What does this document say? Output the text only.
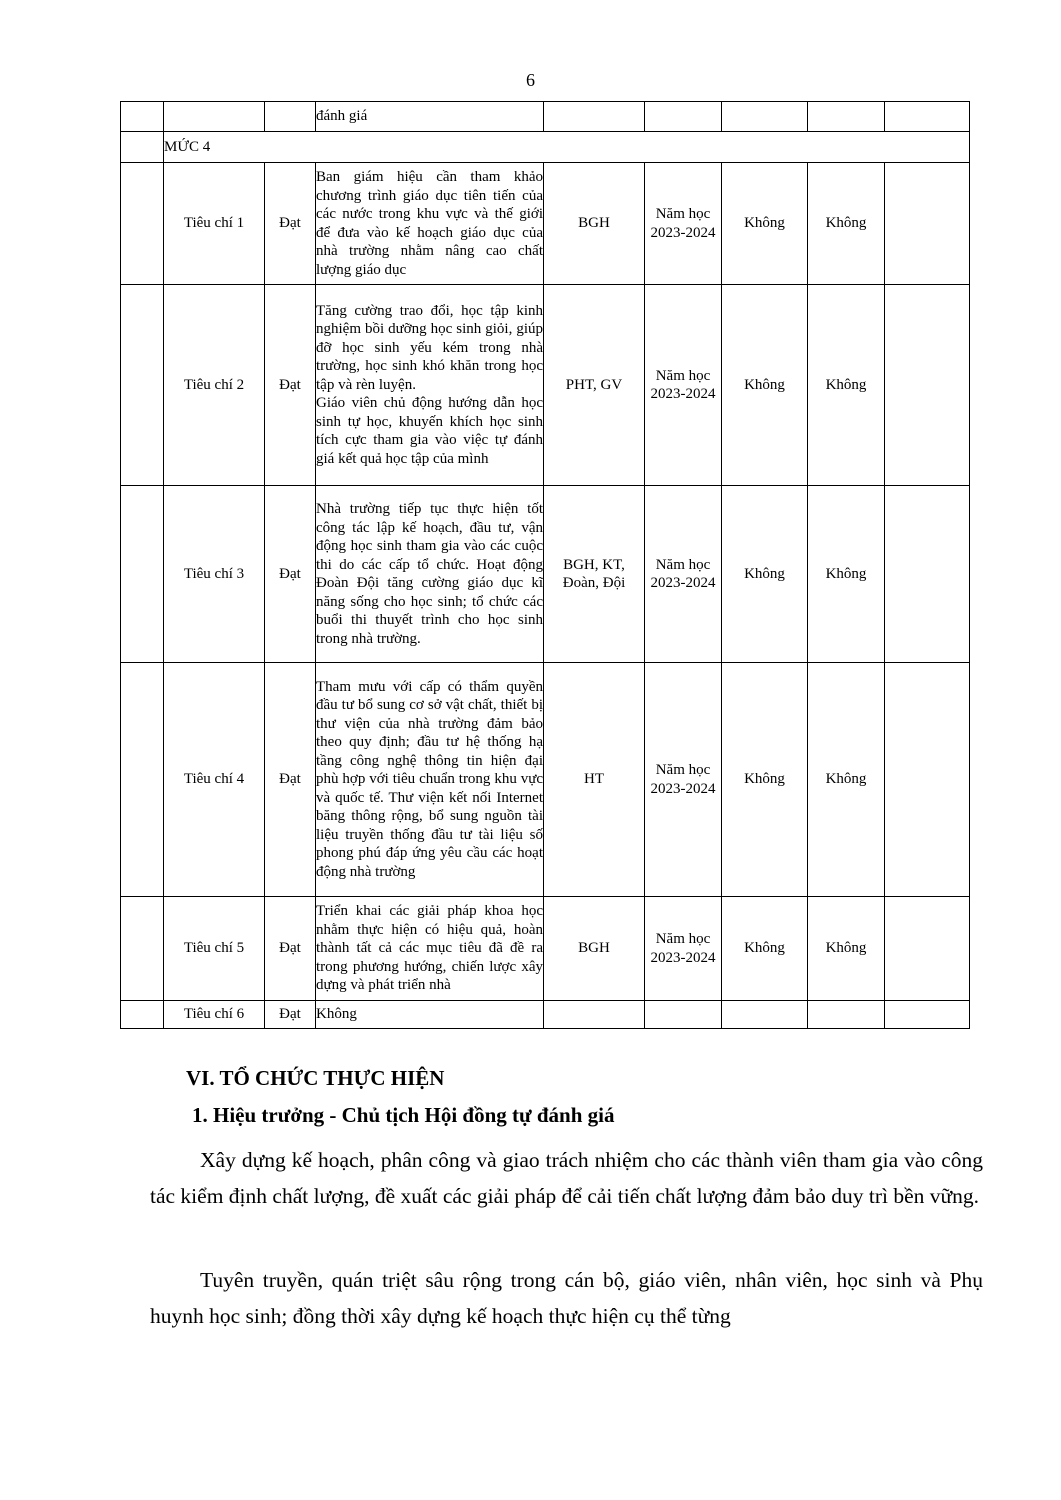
6
			đánh giá					
	MỨC 4							
	Tiêu chí 1	Đạt	Ban giám hiệu cần tham khảo chương trình giáo dục tiên tiến của các nước trong khu vực và thế giới để đưa vào kế hoạch giáo dục của nhà trường nhằm nâng cao chất lượng giáo dục	BGH	Năm học 2023-2024	Không	Không	
	Tiêu chí 2	Đạt	Tăng cường trao đổi, học tập kinh nghiệm bồi dưỡng học sinh giỏi, giúp đỡ học sinh yếu kém trong nhà trường, học sinh khó khăn trong học tập và rèn luyện.
Giáo viên chủ động hướng dẫn học sinh tự học, khuyến khích học sinh tích cực tham gia vào việc tự đánh giá kết quả học tập của mình	PHT, GV	Năm học 2023-2024	Không	Không	
	Tiêu chí 3	Đạt	Nhà trường tiếp tục thực hiện tốt công tác lập kế hoạch, đầu tư, vận động học sinh tham gia vào các cuộc thi do các cấp tổ chức. Hoạt động Đoàn Đội tăng cường giáo dục kĩ năng sống cho học sinh; tổ chức các buổi thi thuyết trình cho học sinh trong nhà trường.	BGH, KT, Đoàn, Đội	Năm học 2023-2024	Không	Không	
	Tiêu chí 4	Đạt	Tham mưu với cấp có thẩm quyền đầu tư bổ sung cơ sở vật chất, thiết bị thư viện của nhà trường đảm bảo theo quy định; đầu tư hệ thống hạ tầng công nghệ thông tin hiện đại phù hợp với tiêu chuẩn trong khu vực và quốc tế. Thư viện kết nối Internet băng thông rộng, bổ sung nguồn tài liệu truyền thống đầu tư tài liệu số phong phú đáp ứng yêu cầu các hoạt động nhà trường	HT	Năm học 2023-2024	Không	Không	
	Tiêu chí 5	Đạt	Triển khai các giải pháp khoa học nhằm thực hiện có hiệu quả, hoàn thành tất cả các mục tiêu đã đề ra trong phương hướng, chiến lược xây dựng và phát triển nhà	BGH	Năm học 2023-2024	Không	Không	
	Tiêu chí 6	Đạt	Không					
VI. TỔ CHỨC THỰC HIỆN
1. Hiệu trưởng - Chủ tịch Hội đồng tự đánh giá
Xây dựng kế hoạch, phân công và giao trách nhiệm cho các thành viên tham gia vào công tác kiểm định chất lượng, đề xuất các giải pháp để cải tiến chất lượng đảm bảo duy trì bền vững.
Tuyên truyền, quán triệt sâu rộng trong cán bộ, giáo viên, nhân viên, học sinh và Phụ huynh học sinh; đồng thời xây dựng kế hoạch thực hiện cụ thể từng
